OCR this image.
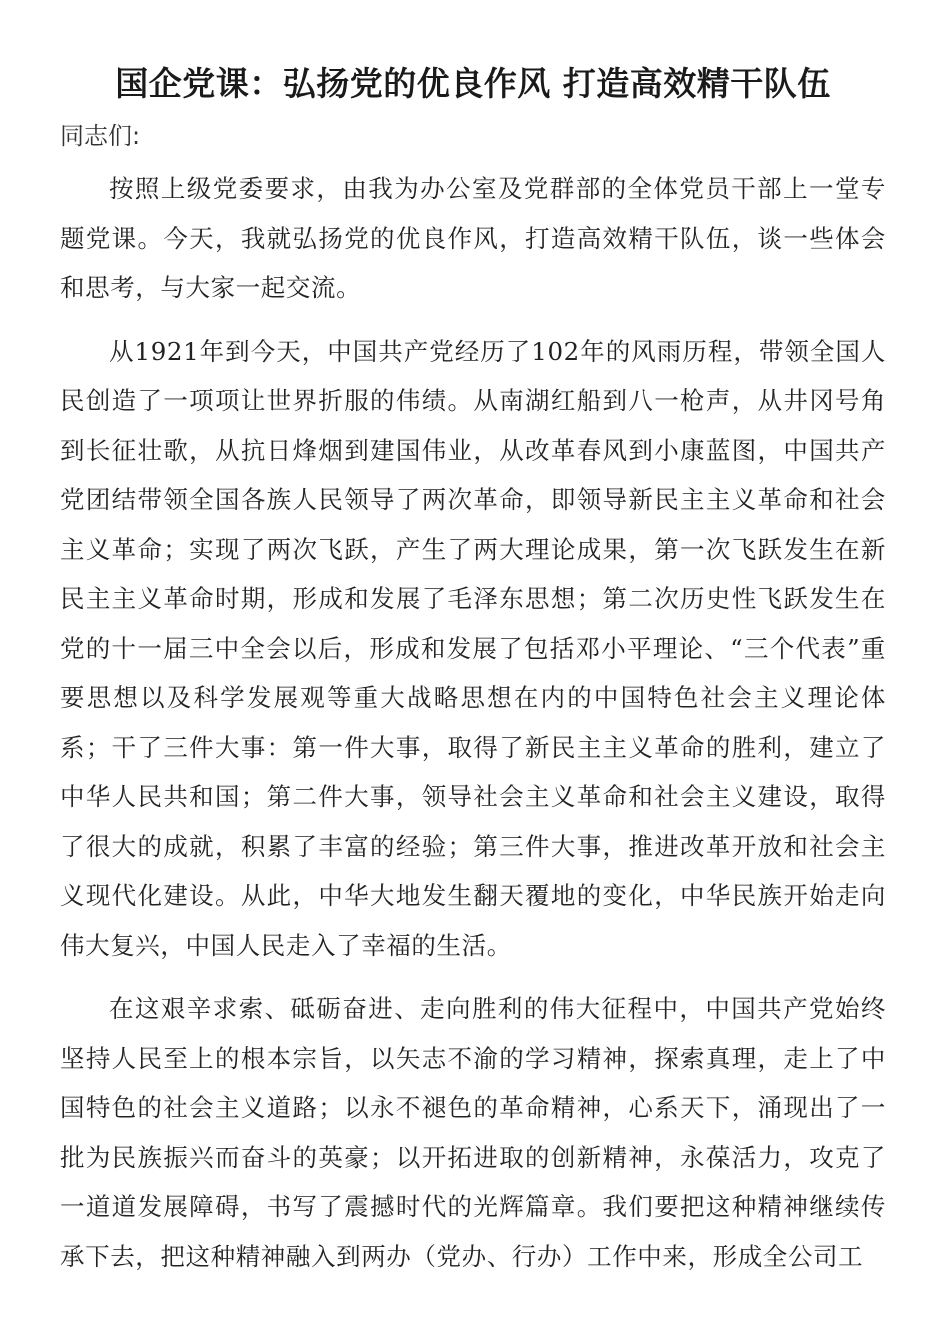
国企党课：弘扬党的优良作风 打造高效精干队伍
同志们:

按照上级党委要求，由我为办公室及党群部的全体党员干部上一堂专题党课。今天，我就弘扬党的优良作风，打造高效精干队伍，谈一些体会和思考，与大家一起交流。

从1921年到今天，中国共产党经历了102年的风雨历程，带领全国人民创造了一项项让世界折服的伟绩。从南湖红船到八一枪声，从井冈号角到长征壮歌，从抗日烽烟到建国伟业，从改革春风到小康蓝图，中国共产党团结带领全国各族人民领导了两次革命，即领导新民主主义革命和社会主义革命；实现了两次飞跃，产生了两大理论成果，第一次飞跃发生在新民主主义革命时期，形成和发展了毛泽东思想；第二次历史性飞跃发生在党的十一届三中全会以后，形成和发展了包括邓小平理论、“三个代表”重要思想以及科学发展观等重大战略思想在内的中国特色社会主义理论体系；干了三件大事：第一件大事，取得了新民主主义革命的胜利，建立了中华人民共和国；第二件大事，领导社会主义革命和社会主义建设，取得了很大的成就，积累了丰富的经验；第三件大事，推进改革开放和社会主义现代化建设。从此，中华大地发生翻天覆地的变化，中华民族开始走向伟大复兴，中国人民走入了幸福的生活。

在这艰辛求索、砥砺奋进、走向胜利的伟大征程中，中国共产党始终坚持人民至上的根本宗旨，以矢志不渝的学习精神，探索真理，走上了中国特色的社会主义道路；以永不褪色的革命精神，心系天下，涌现出了一批为民族振兴而奋斗的英豪；以开拓进取的创新精神，永葆活力，攻克了一道道发展障碍，书写了震撼时代的光辉篇章。我们要把这种精神继续传承下去，把这种精神融入到两办（党办、行办）工作中来，形成全公司工
